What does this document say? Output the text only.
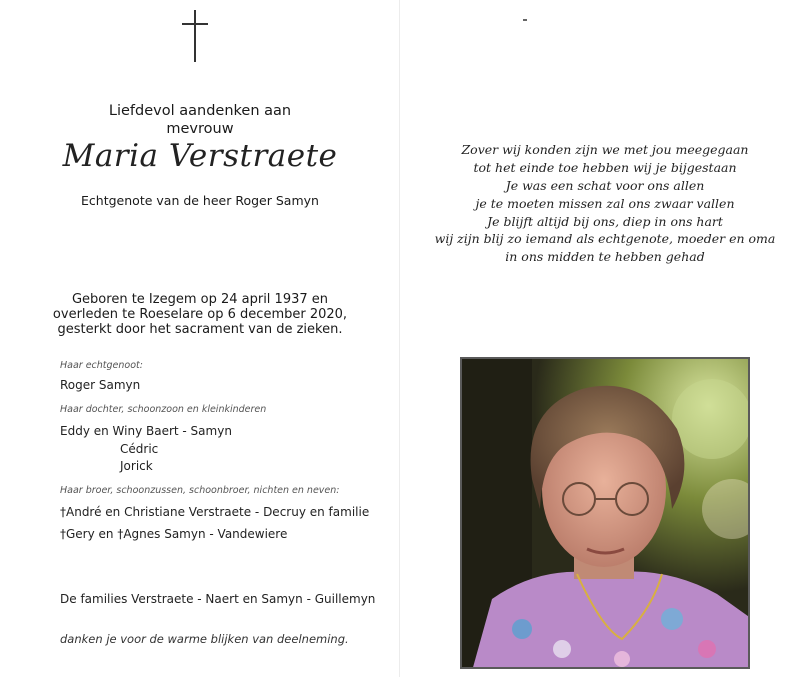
Liefdevol aandenken aan
mevrouw
Maria Verstraete
Echtgenote van de heer Roger Samyn
Geboren te Izegem op 24 april 1937 en
overleden te Roeselare op 6 december 2020,
gesterkt door het sacrament van de zieken.
Haar echtgenoot:
Roger Samyn
Haar dochter, schoonzoon en kleinkinderen
Eddy en Winy Baert - Samyn
Cédric
Jorick
Haar broer, schoonzussen, schoonbroer, nichten en neven:
†André en Christiane Verstraete - Decruy en familie
†Gery en †Agnes Samyn - Vandewiere
De families Verstraete - Naert en Samyn - Guillemyn
danken je voor de warme blijken van deelneming.
Zover wij konden zijn we met jou meegegaan
tot het einde toe hebben wij je bijgestaan
Je was een schat voor ons allen
je te moeten missen zal ons zwaar vallen
Je blijft altijd bij ons, diep in ons hart
wij zijn blij zo iemand als echtgenote, moeder en oma
in ons midden te hebben gehad
